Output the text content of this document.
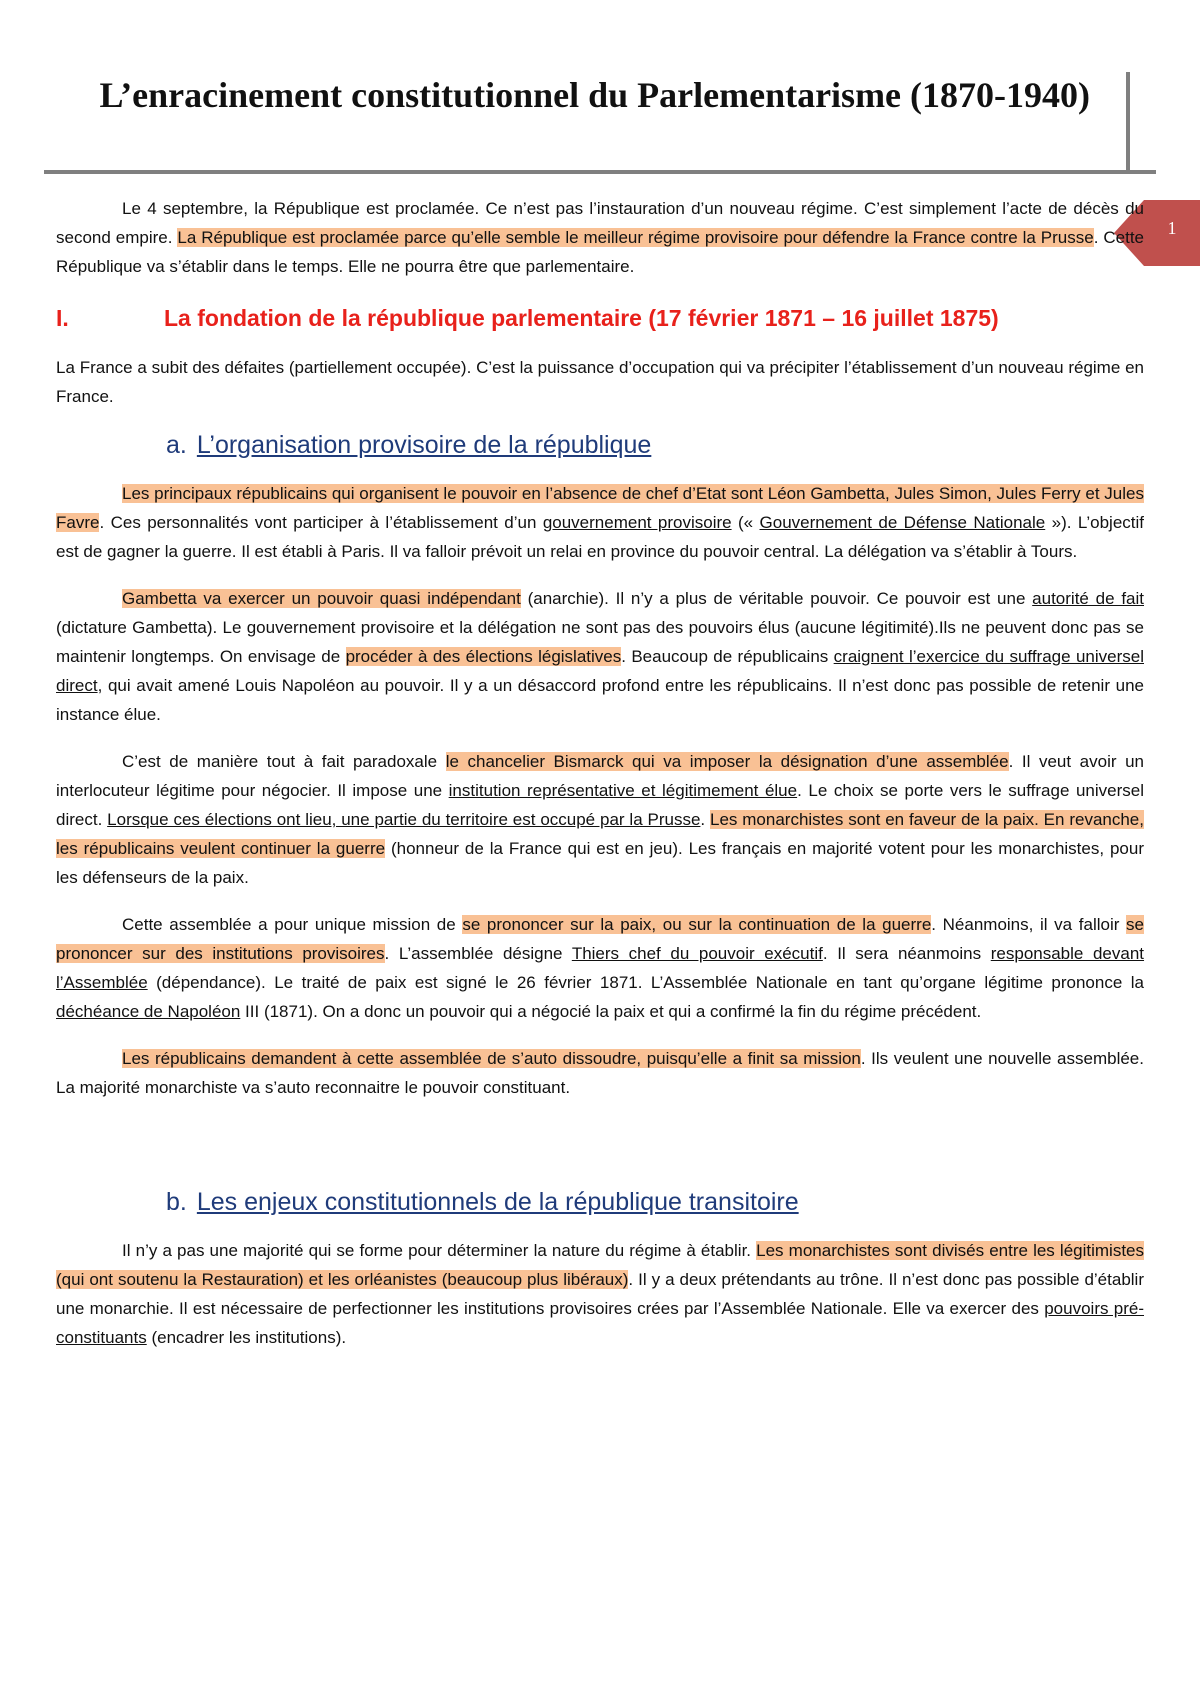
L’enracinement constitutionnel du Parlementarisme (1870-1940)
1

Le 4 septembre, la République est proclamée. Ce n’est pas l’instauration d’un nouveau régime. C’est simplement l’acte de décès du second empire. La République est proclamée parce qu’elle semble le meilleur régime provisoire pour défendre la France contre la Prusse. Cette République va s’établir dans le temps. Elle ne pourra être que parlementaire.

I.	La fondation de la république parlementaire (17 février 1871 – 16 juillet 1875)

La France a subit des défaites (partiellement occupée). C’est la puissance d’occupation qui va précipiter l’établissement d’un nouveau régime en France.

a. L’organisation provisoire de la république

Les principaux républicains qui organisent le pouvoir en l’absence de chef d’Etat sont Léon Gambetta, Jules Simon, Jules Ferry et Jules Favre. Ces personnalités vont participer à l’établissement d’un gouvernement provisoire (« Gouvernement de Défense Nationale »). L’objectif est de gagner la guerre. Il est établi à Paris. Il va falloir prévoit un relai en province du pouvoir central. La délégation va s’établir à Tours.

Gambetta va exercer un pouvoir quasi indépendant (anarchie). Il n’y a plus de véritable pouvoir. Ce pouvoir est une autorité de fait (dictature Gambetta). Le gouvernement provisoire et la délégation ne sont pas des pouvoirs élus (aucune légitimité).Ils ne peuvent donc pas se maintenir longtemps. On envisage de procéder à des élections législatives. Beaucoup de républicains craignent l’exercice du suffrage universel direct, qui avait amené Louis Napoléon au pouvoir. Il y a un désaccord profond entre les républicains. Il n’est donc pas possible de retenir une instance élue.

C’est de manière tout à fait paradoxale le chancelier Bismarck qui va imposer la désignation d’une assemblée. Il veut avoir un interlocuteur légitime pour négocier. Il impose une institution représentative et légitimement élue. Le choix se porte vers le suffrage universel direct. Lorsque ces élections ont lieu, une partie du territoire est occupé par la Prusse. Les monarchistes sont en faveur de la paix. En revanche, les républicains veulent continuer la guerre (honneur de la France qui est en jeu). Les français en majorité votent pour les monarchistes, pour les défenseurs de la paix.

Cette assemblée a pour unique mission de se prononcer sur la paix, ou sur la continuation de la guerre. Néanmoins, il va falloir se prononcer sur des institutions provisoires. L’assemblée désigne Thiers chef du pouvoir exécutif. Il sera néanmoins responsable devant l’Assemblée (dépendance). Le traité de paix est signé le 26 février 1871. L’Assemblée Nationale en tant qu’organe légitime prononce la déchéance de Napoléon III (1871). On a donc un pouvoir qui a négocié la paix et qui a confirmé la fin du régime précédent.

Les républicains demandent à cette assemblée de s’auto dissoudre, puisqu’elle a finit sa mission. Ils veulent une nouvelle assemblée. La majorité monarchiste va s’auto reconnaitre le pouvoir constituant.

b. Les enjeux constitutionnels de la république transitoire

Il n’y a pas une majorité qui se forme pour déterminer la nature du régime à établir. Les monarchistes sont divisés entre les légitimistes (qui ont soutenu la Restauration) et les orléanistes (beaucoup plus libéraux). Il y a deux prétendants au trône. Il n’est donc pas possible d’établir une monarchie. Il est nécessaire de perfectionner les institutions provisoires crées par l’Assemblée Nationale. Elle va exercer des pouvoirs pré-constituants (encadrer les institutions).
